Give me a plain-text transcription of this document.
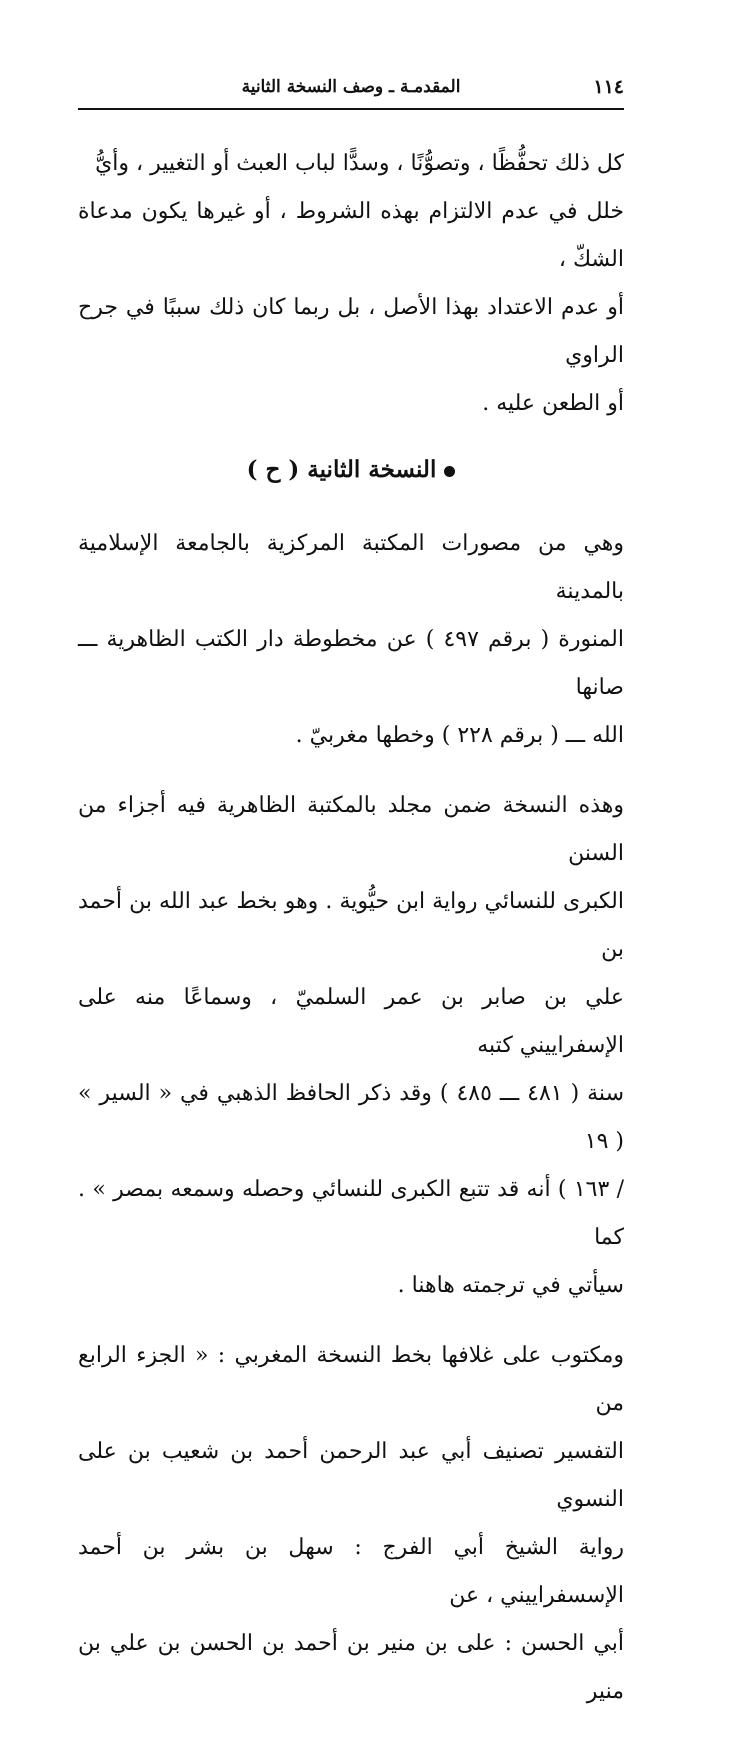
١١٤
المقدمـة ـ وصف النسخة الثانية

كل ذلك تحفُّظًا ، وتصوُّنًا ، وسدًّا لباب العبث أو التغيير ، وأيُّ
خلل في عدم الالتزام بهذه الشروط ، أو غيرها يكون مدعاة الشكّ ،
أو عدم الاعتداد بهذا الأصل ، بل ربما كان ذلك سببًا في جرح الراوي
أو الطعن عليه .

النسخة الثانية ( ح )

وهي من مصورات المكتبة المركزية بالجامعة الإسلامية بالمدينة
المنورة ( برقم ٤٩٧ ) عن مخطوطة دار الكتب الظاهرية ـــ صانها
الله ـــ ( برقم ٢٢٨ ) وخطها مغربيّ .

وهذه النسخة ضمن مجلد بالمكتبة الظاهرية فيه أجزاء من السنن
الكبرى للنسائي رواية ابن حيُّوية . وهو بخط عبد الله بن أحمد بن
علي بن صابر بن عمر السلميّ ، وسماعًا منه على الإسفراييني كتبه
سنة ( ٤٨١ ـــ ٤٨٥ ) وقد ذكر الحافظ الذهبي في « السير » ( ١٩
/ ١٦٣ ) أنه قد تتبع الكبرى للنسائي وحصله وسمعه بمصر » . كما
سيأتي في ترجمته هاهنا .

ومكتوب على غلافها بخط النسخة المغربي : « الجزء الرابع من
التفسير تصنيف أبي عبد الرحمن أحمد بن شعيب بن على النسوي
رواية الشيخ أبي الفرج : سهل بن بشر بن أحمد الإسسفراييني ، عن
أبي الحسن : على بن منير بن أحمد بن الحسن بن علي بن منير
